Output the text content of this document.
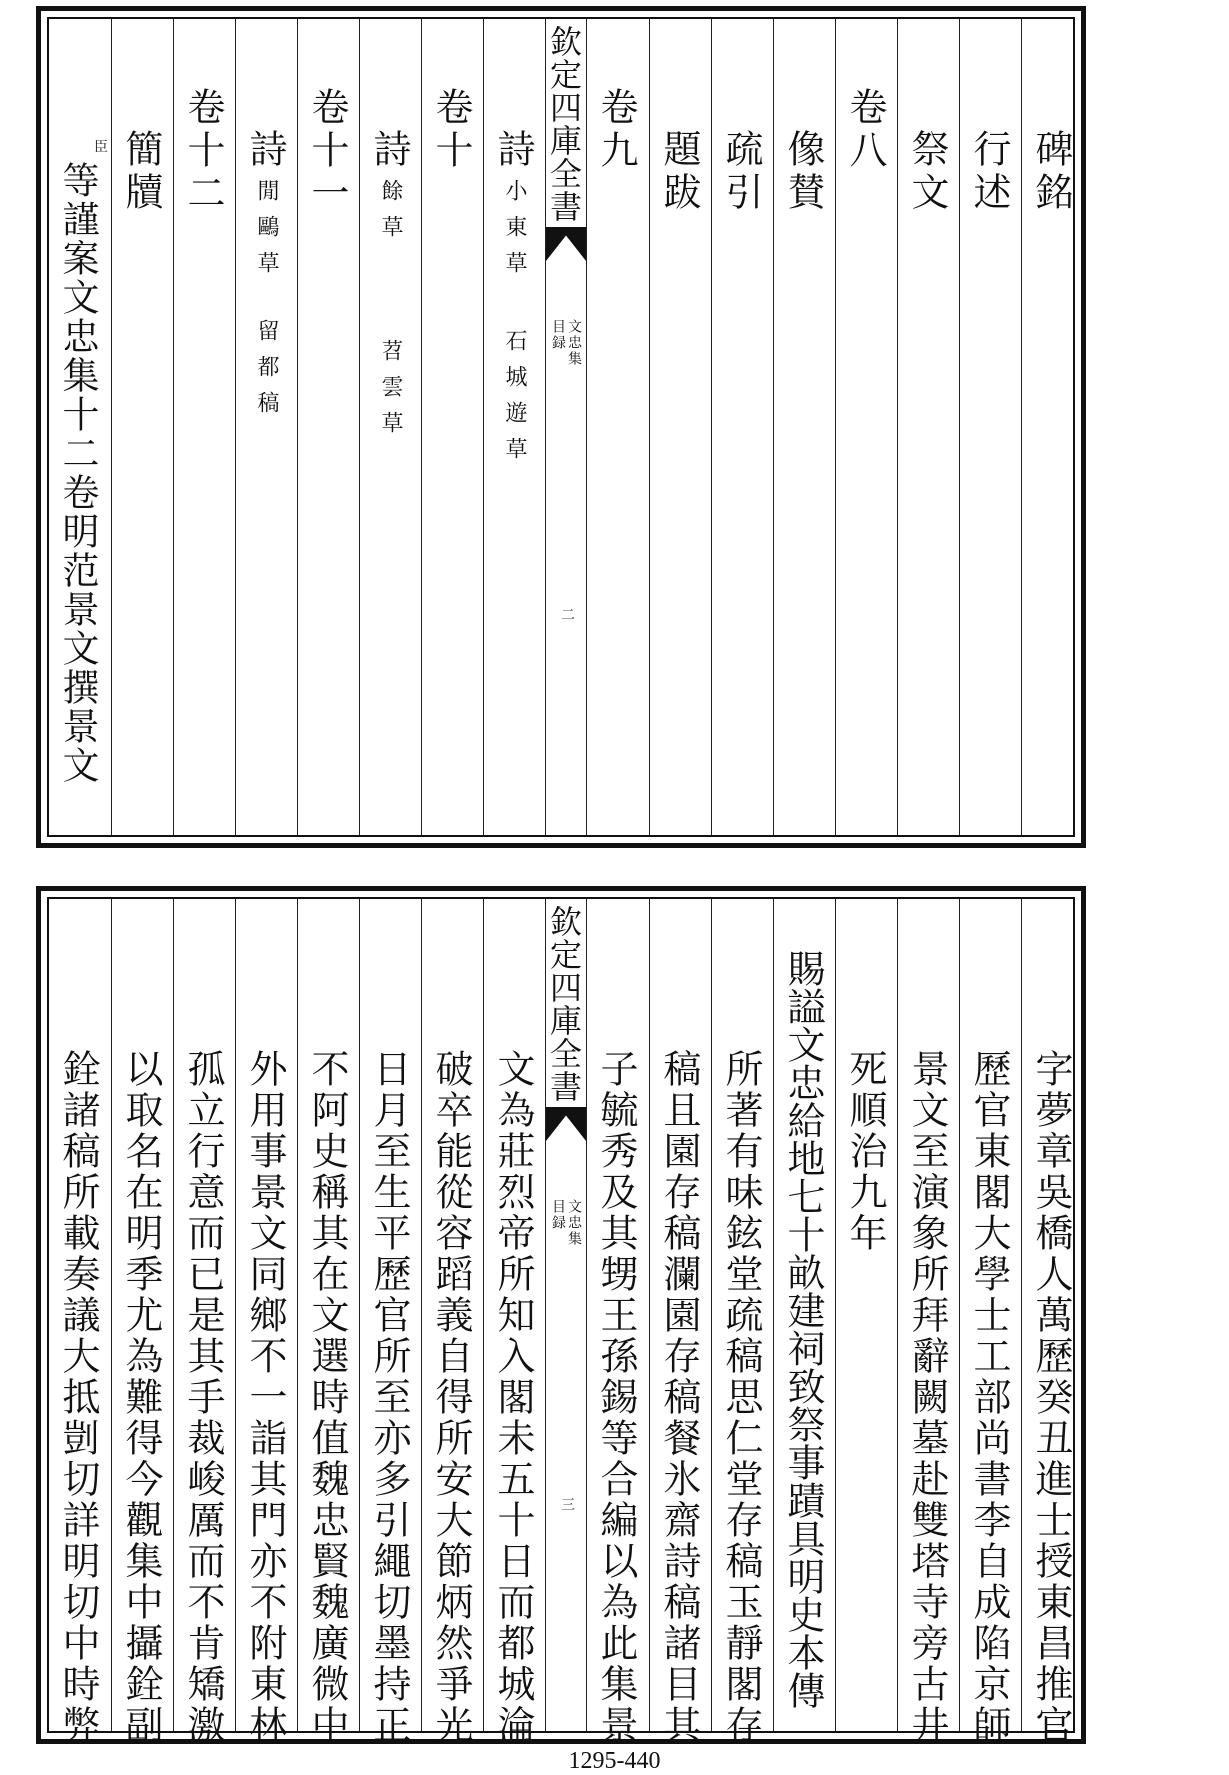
臣
等謹案文忠集十二卷明范景文撰景文 簡牘 卷十二 詩
閒鷗草
留都稿
卷十一 詩
餘草
苕雲草
卷十 詩
小東草
石城遊草
欽定四庫全書
文忠集
目録
二
卷九 題跋 疏引 像賛 卷八 祭文 行述 碑銘
銓諸稿所載奏議大抵剴切詳明切中時弊 以取名在明季尤為難得今觀集中攝銓副 孤立行意而已是其手裁峻厲而不肯矯激 外用事景文同鄉不一詣其門亦不附東林 不阿史稱其在文選時值魏忠賢魏廣微中 日月至生平歷官所至亦多引繩切墨持正 破卒能從容蹈義自得所安大節炳然爭光 文為莊烈帝所知入閣未五十日而都城淪
欽定四庫全書
文忠集
目録
三 子毓秀及其甥王孫錫等合編以為此集景 稿且園存稿瀾園存稿餐氷齋詩稿諸目其 所著有味鉉堂疏稿思仁堂存稿玉靜閣存 賜謚文忠給地七十畝建祠致祭事蹟具明史本傳 死順治九年 景文至演象所拜辭闕墓赴雙塔寺旁古井 歷官東閣大學士工部尚書李自成陷京師 字夢章吳橋人萬歷癸丑進士授東昌推官
1295-440
